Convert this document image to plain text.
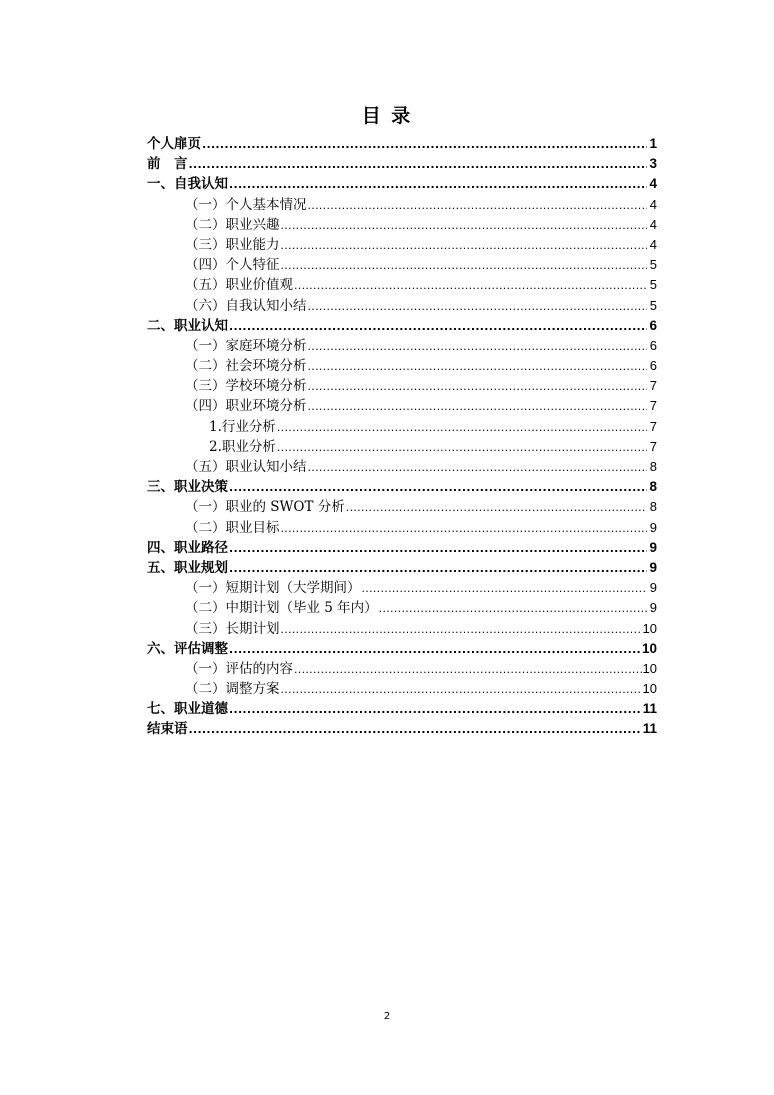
目 录
个人扉页 .....	1
前　言 .....	3
一、自我认知 .....	4
（一）个人基本情况 .....	4
（二）职业兴趣 .....	4
（三）职业能力 .....	4
（四）个人特征 .....	5
（五）职业价值观 .....	5
（六）自我认知小结 .....	5
二、职业认知 .....	6
（一）家庭环境分析 .....	6
（二）社会环境分析 .....	6
（三）学校环境分析 .....	7
（四）职业环境分析 .....	7
1.行业分析 .....	7
2.职业分析 .....	7
（五）职业认知小结 .....	8
三、职业决策 .....	8
（一）职业的 SWOT 分析 .....	8
（二）职业目标 .....	9
四、职业路径 .....	9
五、职业规划 .....	9
（一）短期计划（大学期间） .....	9
（二）中期计划（毕业 5 年内） .....	9
（三）长期计划 .....	10
六、评估调整 .....	10
（一）评估的内容 .....	10
（二）调整方案 .....	10
七、职业道德 .....	11
结束语 .....	11
2
